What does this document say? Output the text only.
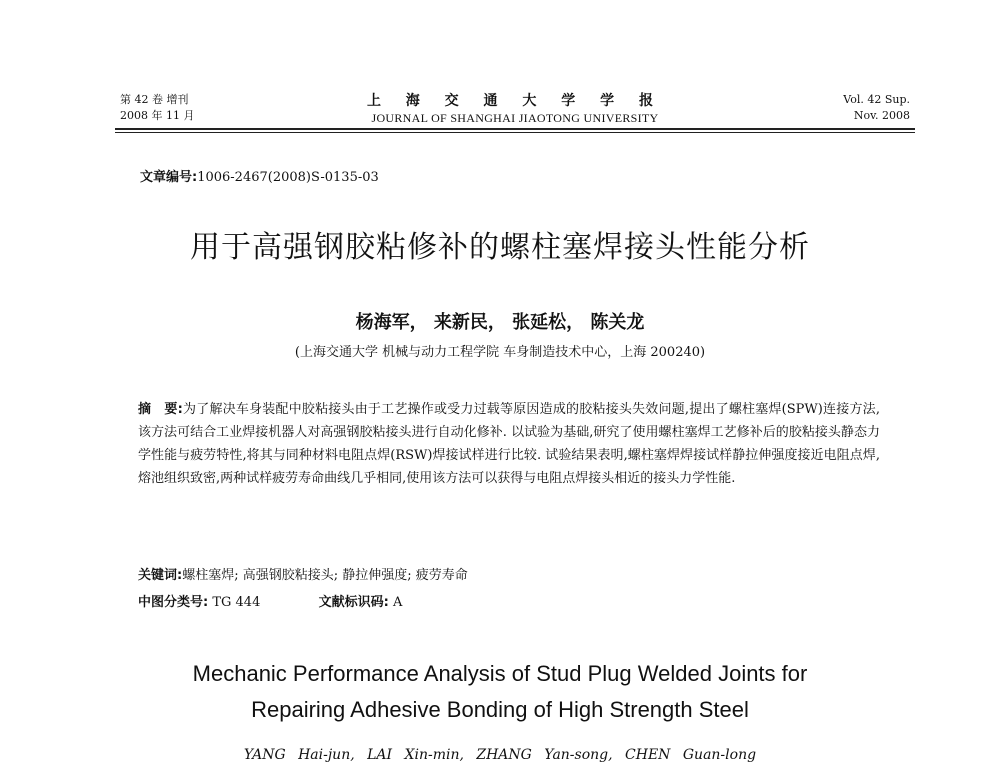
第 42 卷 增刊
2008 年 11 月
上 海 交 通 大 学 学 报
JOURNAL OF SHANGHAI JIAOTONG UNIVERSITY
Vol. 42 Sup.
Nov. 2008
文章编号:1006-2467(2008)S-0135-03
用于高强钢胶粘修补的螺柱塞焊接头性能分析
杨海军， 来新民， 张延松， 陈关龙
(上海交通大学 机械与动力工程学院 车身制造技术中心，上海 200240)
摘　要:为了解决车身装配中胶粘接头由于工艺操作或受力过载等原因造成的胶粘接头失效问题,提出了螺柱塞焊(SPW)连接方法,该方法可结合工业焊接机器人对高强钢胶粘接头进行自动化修补. 以试验为基础,研究了使用螺柱塞焊工艺修补后的胶粘接头静态力学性能与疲劳特性,将其与同种材料电阻点焊(RSW)焊接试样进行比较. 试验结果表明,螺柱塞焊焊接试样静拉伸强度接近电阻点焊,熔池组织致密,两种试样疲劳寿命曲线几乎相同,使用该方法可以获得与电阻点焊接头相近的接头力学性能.
关键词:螺柱塞焊; 高强钢胶粘接头; 静拉伸强度; 疲劳寿命
中图分类号: TG 444	文献标识码: A
Mechanic Performance Analysis of Stud Plug Welded Joints for
Repairing Adhesive Bonding of High Strength Steel
YANG Hai-jun, LAI Xin-min, ZHANG Yan-song, CHEN Guan-long
